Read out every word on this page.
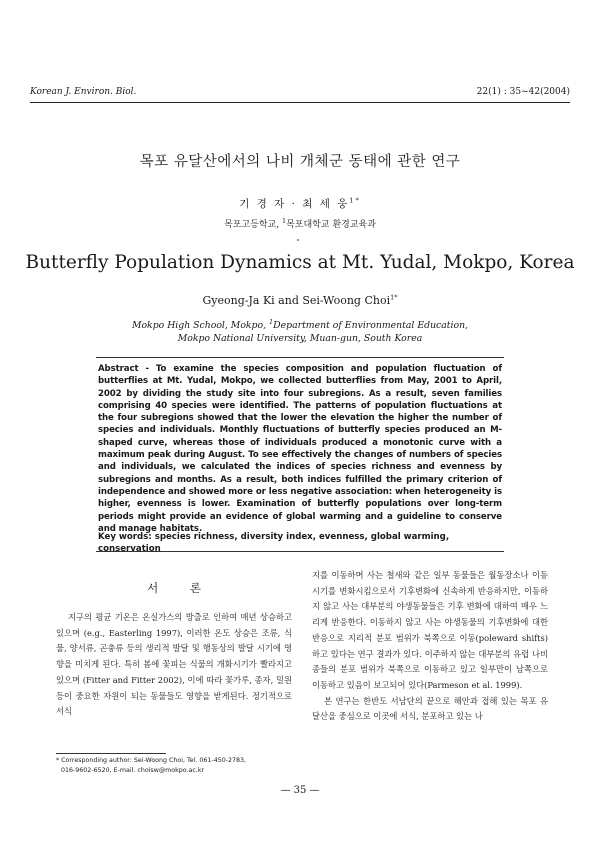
Korean J. Environ. Biol.	22(1) : 35~42(2004)
목포 유달산에서의 나비 개체군 동태에 관한 연구
기 경 자 · 최 세 웅$^{1*}$
목포고등학교, $^1$목포대학교 환경교육과
Butterfly Population Dynamics at Mt. Yudal, Mokpo, Korea
Gyeong-Ja Ki and Sei-Woong Choi$^{1*}$
Mokpo High School, Mokpo, $^1$Department of Environmental Education,
Mokpo National University, Muan-gun, South Korea
Abstract - To examine the species composition and population fluctuation of butterflies at Mt. Yudal, Mokpo, we collected butterflies from May, 2001 to April, 2002 by dividing the study site into four subregions. As a result, seven families comprising 40 species were identified. The patterns of population fluctuations at the four subregions showed that the lower the elevation the higher the number of species and individuals. Monthly fluctuations of butterfly species produced an M-shaped curve, whereas those of individuals produced a monotonic curve with a maximum peak during August. To see effectively the changes of numbers of species and individuals, we calculated the indices of species richness and evenness by subregions and months. As a result, both indices fulfilled the primary criterion of independence and showed more or less negative association: when heterogeneity is higher, evenness is lower. Examination of butterfly populations over long-term periods might provide an evidence of global warming and a guideline to conserve and manage habitats.
Key words: species richness, diversity index, evenness, global warming, conservation
서 론

지구의 평균 기온은 온실가스의 방출로 인하여 매년 상승하고 있으며 (e.g., Easterling 1997), 이러한 온도 상승은 조류, 식물, 양서류, 곤충류 등의 생리적 발달 및 행동상의 발달 시기에 영향을 미치게 된다. 특히 봄에 꽃피는 식물의 개화시기가 빨라지고 있으며 (Fitter and Fitter 2002), 이에 따라 꽃가루, 종자, 밀원 등이 중요한 자원이 되는 동물들도 영향을 받게된다. 정기적으로 서식

지를 이동하며 사는 철새와 같은 일부 동물들은 월동장소나 이동시기를 변화시킴으로서 기후변화에 신속하게 반응하지만, 이동하지 않고 사는 대부분의 야생동물들은 기후 변화에 대하여 매우 느리게 반응한다. 이동하지 않고 사는 야생동물의 기후변화에 대한 반응으로 지리적 분포 범위가 북쪽으로 이동(poleward shifts)하고 있다는 연구 결과가 있다. 이주하지 않는 대부분의 유럽 나비 종들의 분포 범위가 북쪽으로 이동하고 있고 일부만이 남쪽으로 이동하고 있음이 보고되어 있다(Parmeson et al. 1999).

본 연구는 한반도 서남단의 끝으로 해안과 접해 있는 목포 유달산을 중심으로 이곳에 서식, 분포하고 있는 나

* Corresponding author: Sei-Woong Choi, Tel. 061-450-2783,
016-9602-6520, E-mail. choisw@mokpo.ac.kr
— 35 —
